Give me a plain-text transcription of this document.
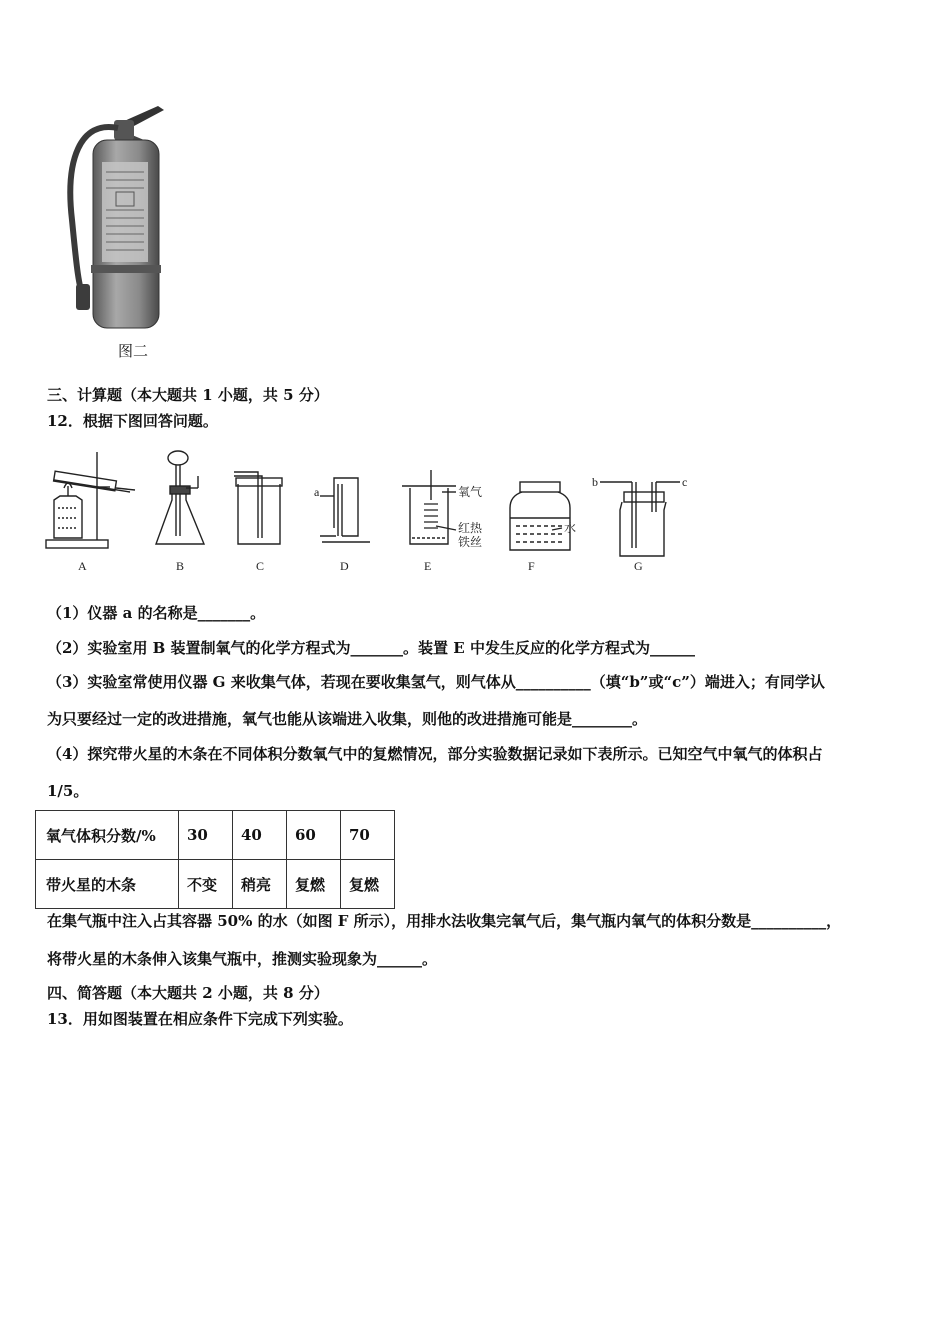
图二
三、计算题（本大题共 1 小题，共 5 分）
12．根据下图回答问题。
A	B	C	D	E	F	G
a	氧气
红热
铁丝
水
b	c
（1）仪器 a 的名称是_______。
（2）实验室用 B 装置制氧气的化学方程式为_______。装置 E 中发生反应的化学方程式为______
（3）实验室常使用仪器 G 来收集气体，若现在要收集氢气，则气体从__________（填“b”或“c”）端进入；有同学认
为只要经过一定的改进措施，氧气也能从该端进入收集，则他的改进措施可能是________。
（4）探究带火星的木条在不同体积分数氧气中的复燃情况，部分实验数据记录如下表所示。已知空气中氧气的体积占
1/5。
氧气体积分数/%	30	40	60	70
带火星的木条	不变	稍亮	复燃	复燃
在集气瓶中注入占其容器 50% 的水（如图 F 所示），用排水法收集完氧气后，集气瓶内氧气的体积分数是__________，
将带火星的木条伸入该集气瓶中，推测实验现象为______。
四、简答题（本大题共 2 小题，共 8 分）
13．用如图装置在相应条件下完成下列实验。
